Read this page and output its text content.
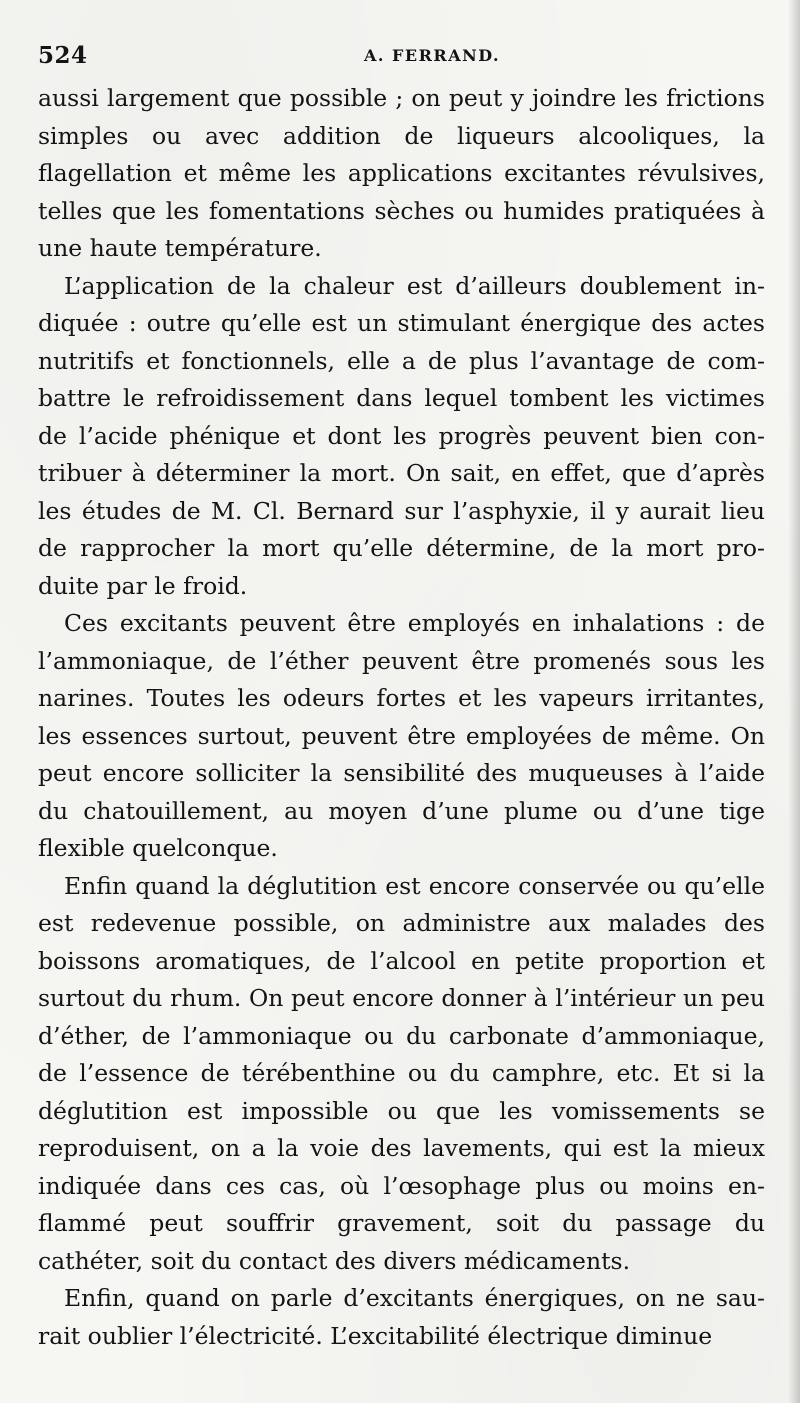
524	A. FERRAND.

aussi largement que possible ; on peut y joindre les frictions simples ou avec addition de liqueurs alcooliques, la flagellation et même les applications excitantes révulsives, telles que les fomentations sèches ou humides pratiquées à une haute température.

L’application de la chaleur est d’ailleurs doublement indiquée : outre qu’elle est un stimulant énergique des actes nutritifs et fonctionnels, elle a de plus l’avantage de combattre le refroidissement dans lequel tombent les victimes de l’acide phénique et dont les progrès peuvent bien contribuer à déterminer la mort. On sait, en effet, que d’après les études de M. Cl. Bernard sur l’asphyxie, il y aurait lieu de rapprocher la mort qu’elle détermine, de la mort produite par le froid.

Ces excitants peuvent être employés en inhalations : de l’ammoniaque, de l’éther peuvent être promenés sous les narines. Toutes les odeurs fortes et les vapeurs irritantes, les essences surtout, peuvent être employées de même. On peut encore solliciter la sensibilité des muqueuses à l’aide du chatouillement, au moyen d’une plume ou d’une tige flexible quelconque.

Enfin quand la déglutition est encore conservée ou qu’elle est redevenue possible, on administre aux malades des boissons aromatiques, de l’alcool en petite proportion et surtout du rhum. On peut encore donner à l’intérieur un peu d’éther, de l’ammoniaque ou du carbonate d’ammoniaque, de l’essence de térébenthine ou du camphre, etc. Et si la déglutition est impossible ou que les vomissements se reproduisent, on a la voie des lavements, qui est la mieux indiquée dans ces cas, où l’œsophage plus ou moins enflammé peut souffrir gravement, soit du passage du cathéter, soit du contact des divers médicaments.

Enfin, quand on parle d’excitants énergiques, on ne saurait oublier l’électricité. L’excitabilité électrique diminue
